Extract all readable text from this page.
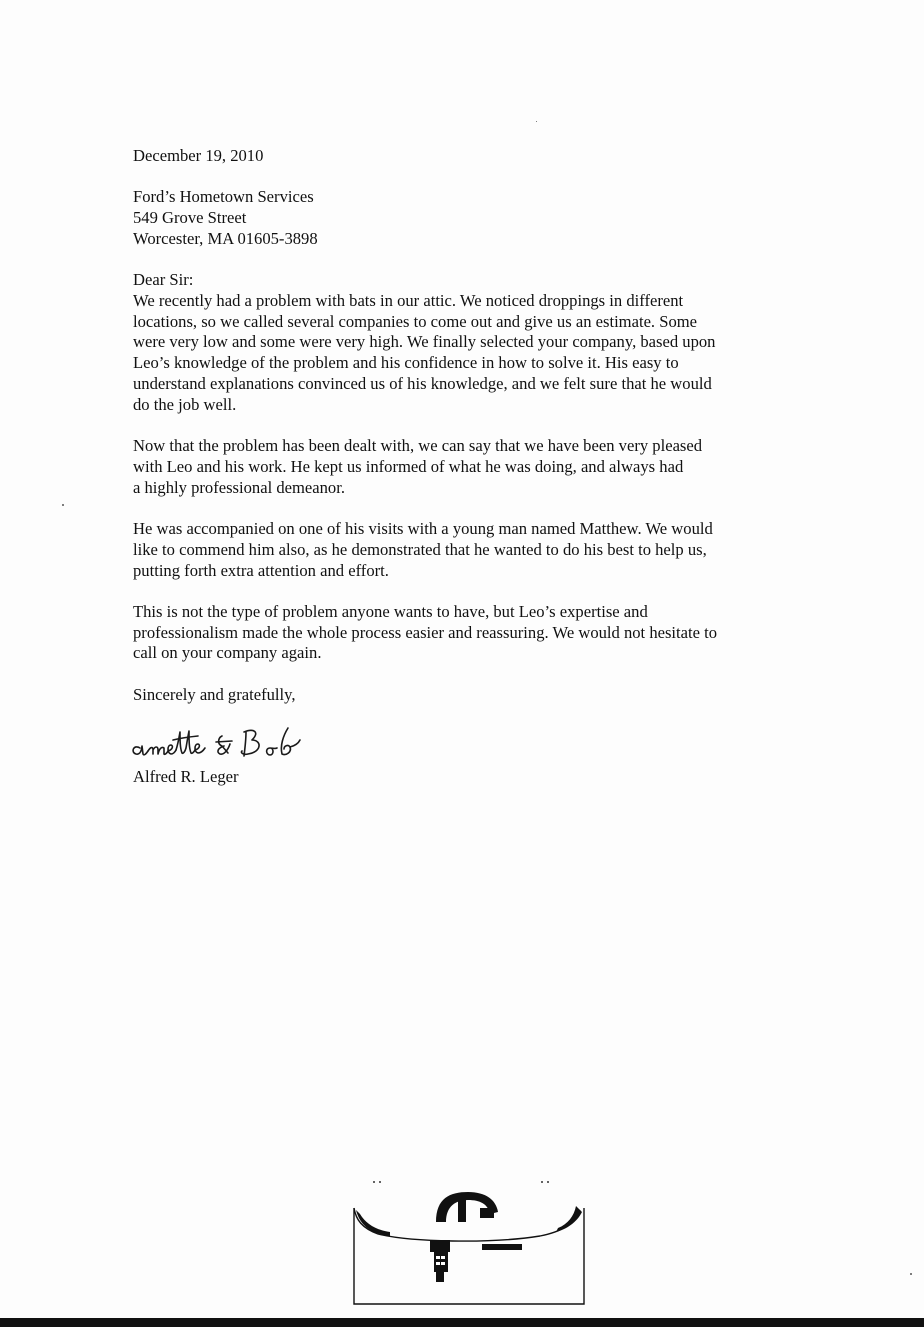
December 19, 2010
Ford’s Hometown Services
549 Grove Street
Worcester, MA 01605-3898
Dear Sir:
We recently had a problem with bats in our attic. We noticed droppings in different
locations, so we called several companies to come out and give us an estimate. Some
were very low and some were very high. We finally selected your company, based upon
Leo’s knowledge of the problem and his confidence in how to solve it. His easy to
understand explanations convinced us of his knowledge, and we felt sure that he would
do the job well.
Now that the problem has been dealt with, we can say that we have been very pleased
with Leo and his work. He kept us informed of what he was doing, and always had
a highly professional demeanor.
He was accompanied on one of his visits with a young man named Matthew. We would
like to commend him also, as he demonstrated that he wanted to do his best to help us,
putting forth extra attention and effort.
This is not the type of problem anyone wants to have, but Leo’s expertise and
professionalism made the whole process easier and reassuring. We would not hesitate to
call on your company again.
Sincerely and gratefully,
Alfred R. Leger
